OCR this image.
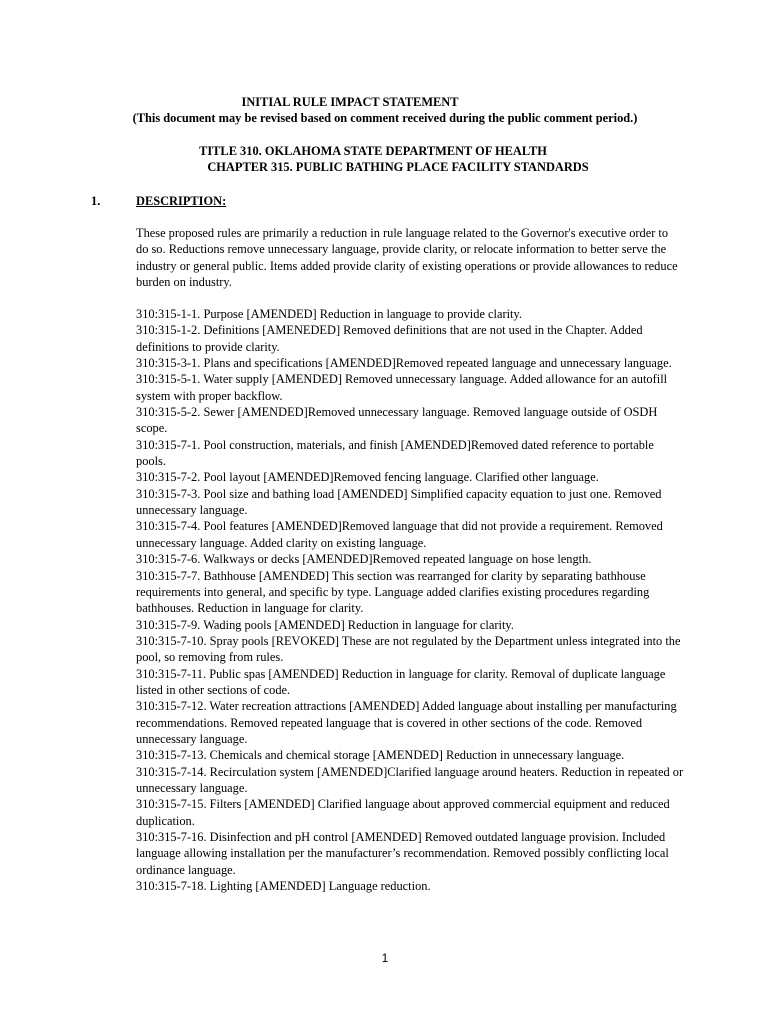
INITIAL RULE IMPACT STATEMENT
(This document may be revised based on comment received during the public comment period.)
TITLE 310. OKLAHOMA STATE DEPARTMENT OF HEALTH
CHAPTER 315. PUBLIC BATHING PLACE FACILITY STANDARDS
1.	DESCRIPTION:

These proposed rules are primarily a reduction in rule language related to the Governor's executive order to do so. Reductions remove unnecessary language, provide clarity, or relocate information to better serve the industry or general public. Items added provide clarity of existing operations or provide allowances to reduce burden on industry.

310:315-1-1. Purpose [AMENDED] Reduction in language to provide clarity.

310:315-1-2. Definitions [AMENEDED] Removed definitions that are not used in the Chapter. Added definitions to provide clarity.

310:315-3-1. Plans and specifications [AMENDED]Removed repeated language and unnecessary language.

310:315-5-1. Water supply [AMENDED] Removed unnecessary language. Added allowance for an autofill system with proper backflow.

310:315-5-2. Sewer [AMENDED]Removed unnecessary language. Removed language outside of OSDH scope.

310:315-7-1. Pool construction, materials, and finish [AMENDED]Removed dated reference to portable pools.

310:315-7-2. Pool layout [AMENDED]Removed fencing language. Clarified other language.

310:315-7-3. Pool size and bathing load [AMENDED] Simplified capacity equation to just one. Removed unnecessary language.

310:315-7-4. Pool features [AMENDED]Removed language that did not provide a requirement. Removed unnecessary language. Added clarity on existing language.

310:315-7-6. Walkways or decks [AMENDED]Removed repeated language on hose length.

310:315-7-7. Bathhouse [AMENDED] This section was rearranged for clarity by separating bathhouse requirements into general, and specific by type. Language added clarifies existing procedures regarding bathhouses. Reduction in language for clarity.

310:315-7-9. Wading pools [AMENDED] Reduction in language for clarity.

310:315-7-10. Spray pools [REVOKED] These are not regulated by the Department unless integrated into the pool, so removing from rules.

310:315-7-11. Public spas [AMENDED] Reduction in language for clarity. Removal of duplicate language listed in other sections of code.

310:315-7-12. Water recreation attractions [AMENDED] Added language about installing per manufacturing recommendations. Removed repeated language that is covered in other sections of the code. Removed unnecessary language.

310:315-7-13. Chemicals and chemical storage [AMENDED] Reduction in unnecessary language.

310:315-7-14. Recirculation system [AMENDED]Clarified language around heaters. Reduction in repeated or unnecessary language.

310:315-7-15. Filters [AMENDED] Clarified language about approved commercial equipment and reduced duplication.

310:315-7-16. Disinfection and pH control [AMENDED] Removed outdated language provision. Included language allowing installation per the manufacturer’s recommendation. Removed possibly conflicting local ordinance language.

310:315-7-18. Lighting [AMENDED] Language reduction.

1
